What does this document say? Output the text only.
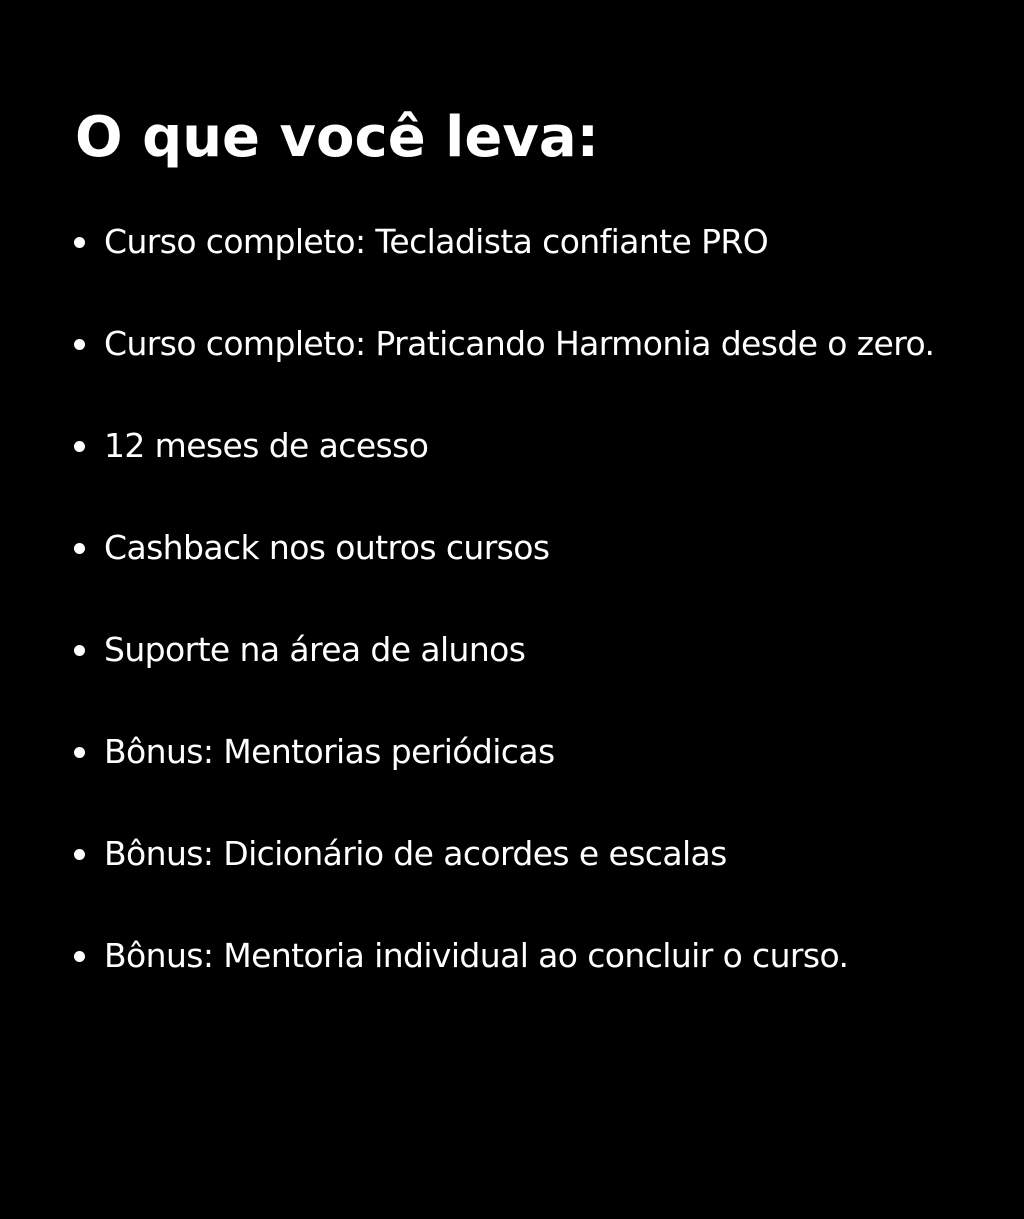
O que você leva:
Curso completo: Tecladista confiante PRO
Curso completo: Praticando Harmonia desde o zero.
12 meses de acesso
Cashback nos outros cursos
Suporte na área de alunos
Bônus: Mentorias periódicas
Bônus: Dicionário de acordes e escalas
Bônus: Mentoria individual ao concluir o curso.
